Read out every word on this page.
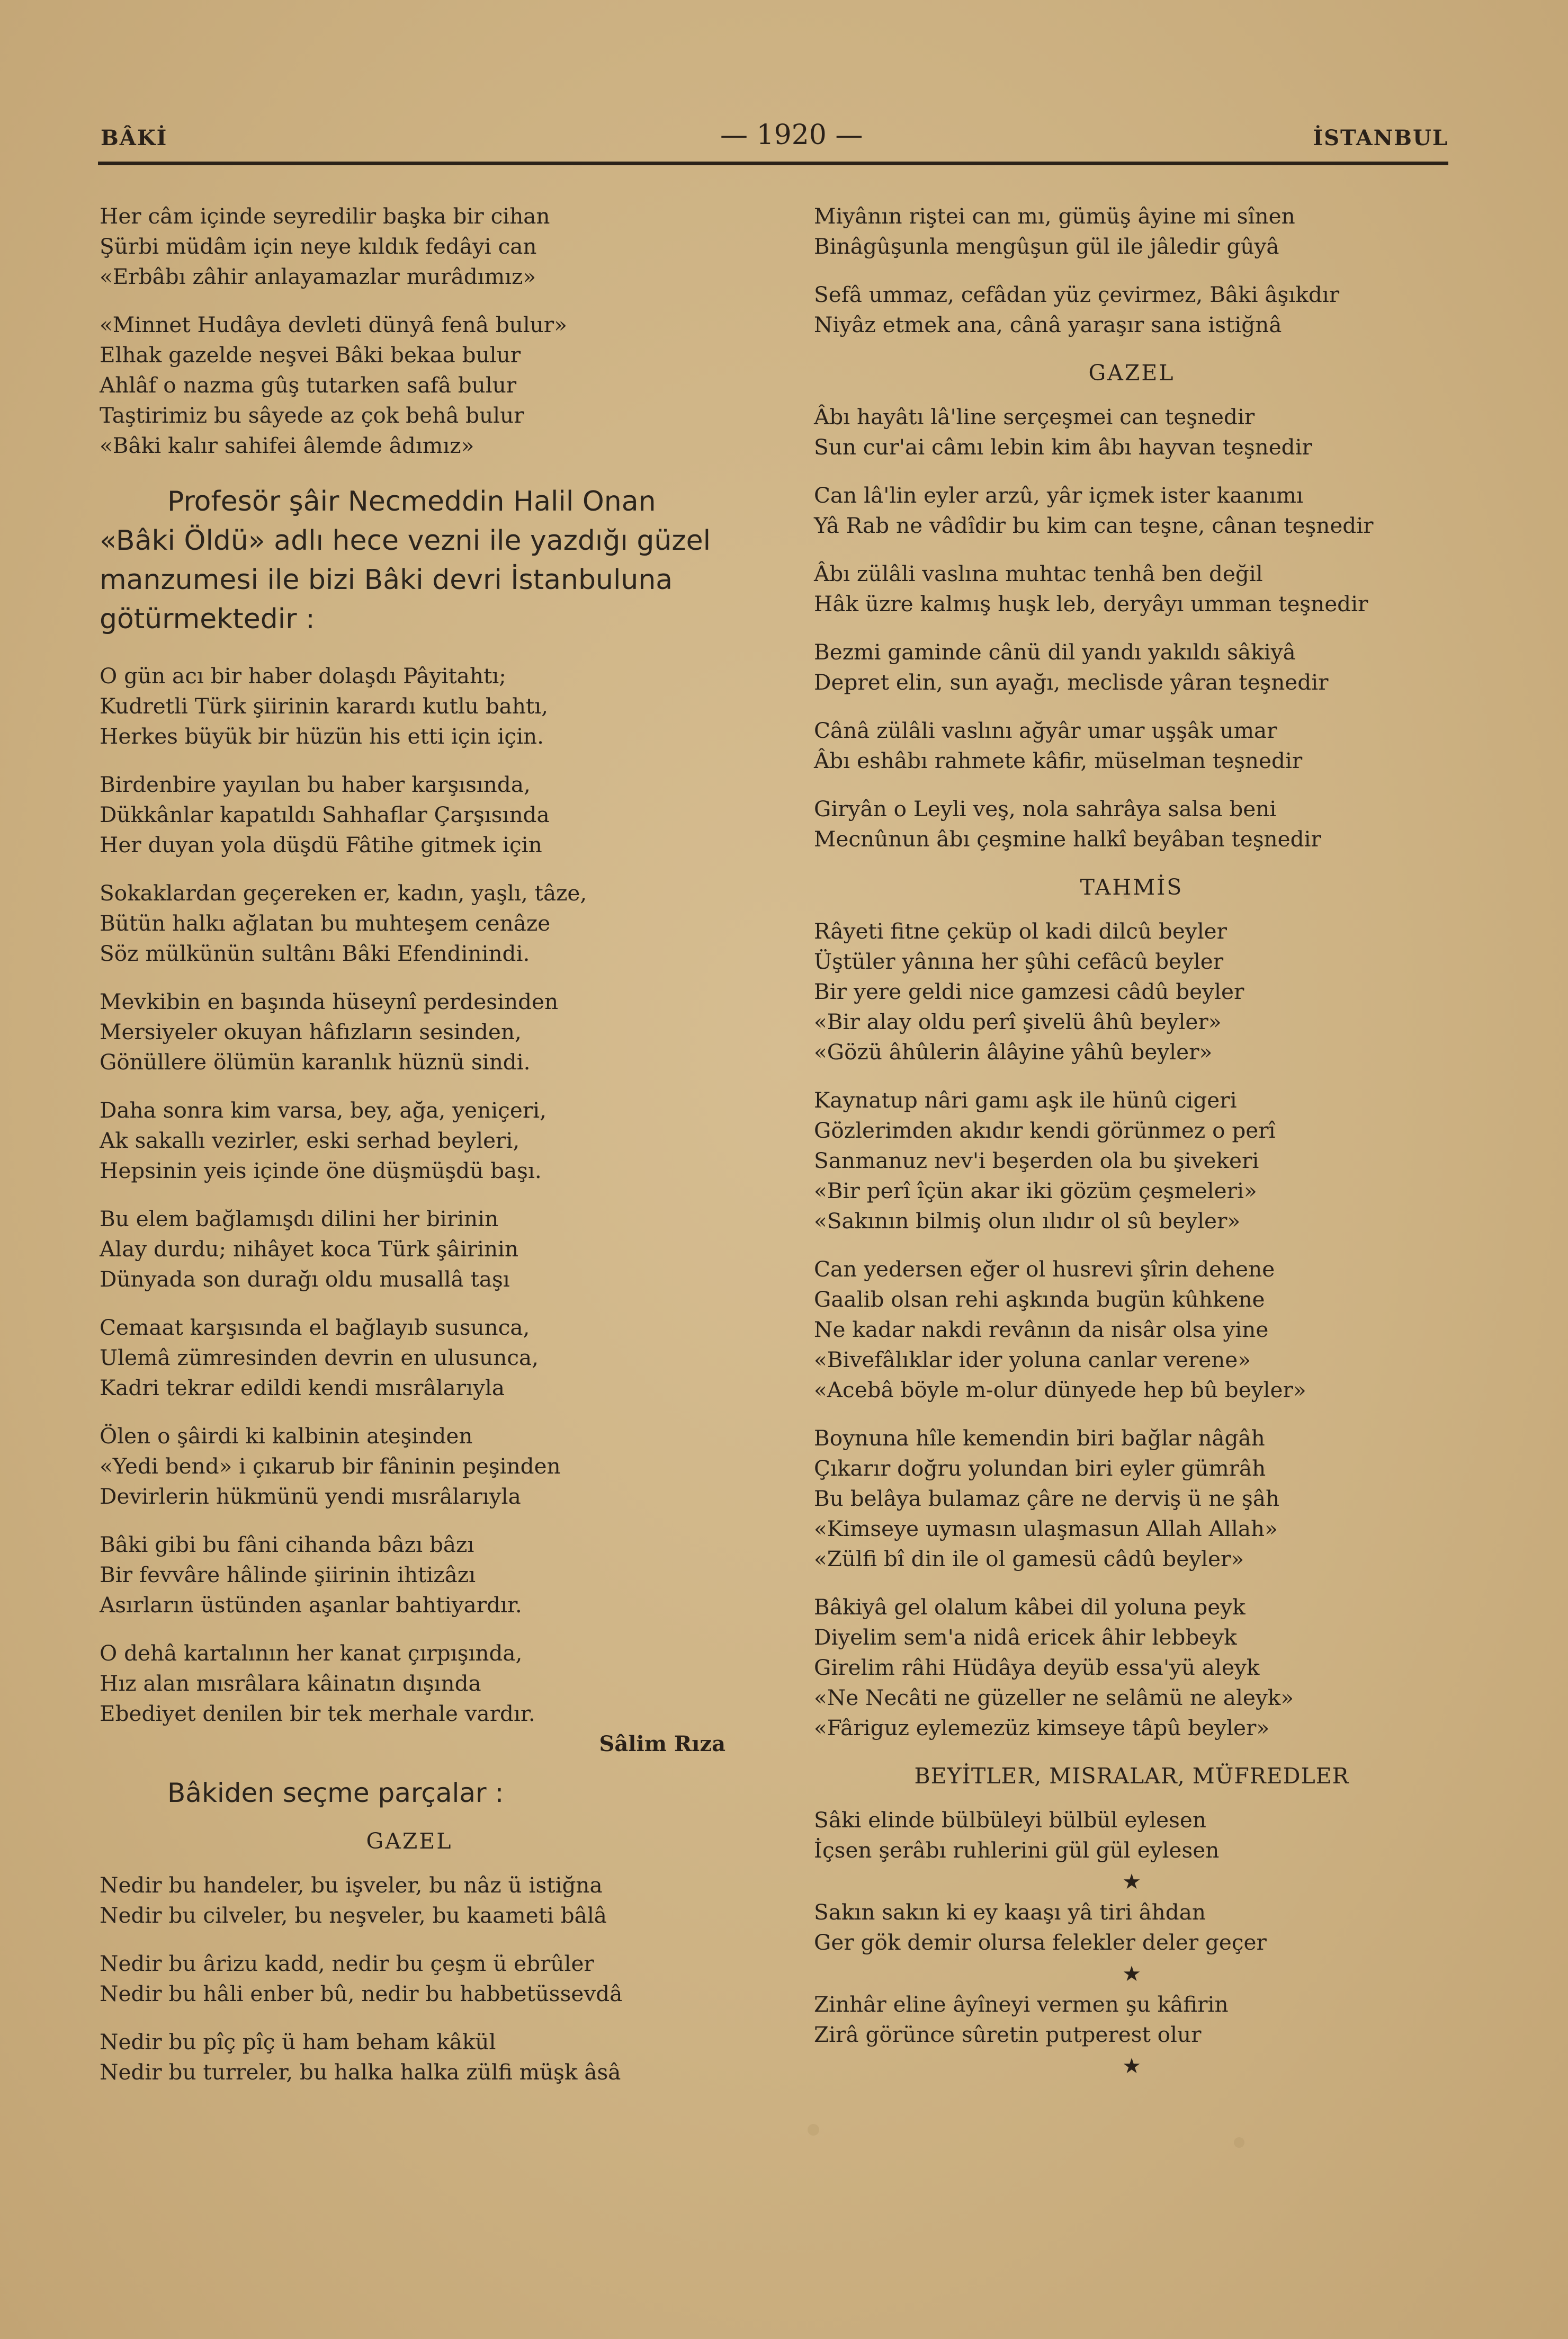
BÂKİ	— 1920 —	İSTANBUL
Her câm içinde seyredilir başka bir cihan
Şürbi müdâm için neye kıldık fedâyi can
«Erbâbı zâhir anlayamazlar murâdımız»
«Minnet Hudâya devleti dünyâ fenâ bulur»
Elhak gazelde neşvei Bâki bekaa bulur
Ahlâf o nazma gûş tutarken safâ bulur
Taştirimiz bu sâyede az çok behâ bulur
«Bâki kalır sahifei âlemde âdımız»
Profesör şâir Necmeddin Halil Onan
«Bâki Öldü» adlı hece vezni ile yazdığı güzel
manzumesi ile bizi Bâki devri İstanbuluna
götürmektedir :
O gün acı bir haber dolaşdı Pâyitahtı;
Kudretli Türk şiirinin karardı kutlu bahtı,
Herkes büyük bir hüzün his etti için için.
Birdenbire yayılan bu haber karşısında,
Dükkânlar kapatıldı Sahhaflar Çarşısında
Her duyan yola düşdü Fâtihe gitmek için
Sokaklardan geçereken er, kadın, yaşlı, tâze,
Bütün halkı ağlatan bu muhteşem cenâze
Söz mülkünün sultânı Bâki Efendinindi.
Mevkibin en başında hüseynî perdesinden
Mersiyeler okuyan hâfızların sesinden,
Gönüllere ölümün karanlık hüznü sindi.
Daha sonra kim varsa, bey, ağa, yeniçeri,
Ak sakallı vezirler, eski serhad beyleri,
Hepsinin yeis içinde öne düşmüşdü başı.
Bu elem bağlamışdı dilini her birinin
Alay durdu; nihâyet koca Türk şâirinin
Dünyada son durağı oldu musallâ taşı
Cemaat karşısında el bağlayıb susunca,
Ulemâ zümresinden devrin en ulusunca,
Kadri tekrar edildi kendi mısrâlarıyla
Ölen o şâirdi ki kalbinin ateşinden
«Yedi bend» i çıkarub bir fâninin peşinden
Devirlerin hükmünü yendi mısrâlarıyla
Bâki gibi bu fâni cihanda bâzı bâzı
Bir fevvâre hâlinde şiirinin ihtizâzı
Asırların üstünden aşanlar bahtiyardır.
O dehâ kartalının her kanat çırpışında,
Hız alan mısrâlara kâinatın dışında
Ebediyet denilen bir tek merhale vardır.
Sâlim Rıza
Bâkiden seçme parçalar :
GAZEL
Nedir bu handeler, bu işveler, bu nâz ü istiğna
Nedir bu cilveler, bu neşveler, bu kaameti bâlâ
Nedir bu ârizu kadd, nedir bu çeşm ü ebrûler
Nedir bu hâli enber bû, nedir bu habbetüssevdâ
Nedir bu pîç pîç ü ham beham kâkül
Nedir bu turreler, bu halka halka zülfi müşk âsâ
Miyânın riştei can mı, gümüş âyine mi sînen
Binâgûşunla mengûşun gül ile jâledir gûyâ
Sefâ ummaz, cefâdan yüz çevirmez, Bâki âşıkdır
Niyâz etmek ana, cânâ yaraşır sana istiğnâ
GAZEL
Âbı hayâtı lâ'line serçeşmei can teşnedir
Sun cur'ai câmı lebin kim âbı hayvan teşnedir
Can lâ'lin eyler arzû, yâr içmek ister kaanımı
Yâ Rab ne vâdîdir bu kim can teşne, cânan teşnedir
Âbı zülâli vaslına muhtac tenhâ ben değil
Hâk üzre kalmış huşk leb, deryâyı umman teşnedir
Bezmi gaminde cânü dil yandı yakıldı sâkiyâ
Depret elin, sun ayağı, meclisde yâran teşnedir
Cânâ zülâli vaslını ağyâr umar uşşâk umar
Âbı eshâbı rahmete kâfir, müselman teşnedir
Giryân o Leyli veş, nola sahrâya salsa beni
Mecnûnun âbı çeşmine halkî beyâban teşnedir
TAHMİS
Râyeti fitne çeküp ol kadi dilcû beyler
Üştüler yânına her şûhi cefâcû beyler
Bir yere geldi nice gamzesi câdû beyler
«Bir alay oldu perî şivelü âhû beyler»
«Gözü âhûlerin âlâyine yâhû beyler»
Kaynatup nâri gamı aşk ile hünû cigeri
Gözlerimden akıdır kendi görünmez o perî
Sanmanuz nev'i beşerden ola bu şivekeri
«Bir perî îçün akar iki gözüm çeşmeleri»
«Sakının bilmiş olun ılıdır ol sû beyler»
Can yedersen eğer ol husrevi şîrin dehene
Gaalib olsan rehi aşkında bugün kûhkene
Ne kadar nakdi revânın da nisâr olsa yine
«Bivefâlıklar ider yoluna canlar verene»
«Acebâ böyle m-olur dünyede hep bû beyler»
Boynuna hîle kemendin biri bağlar nâgâh
Çıkarır doğru yolundan biri eyler gümrâh
Bu belâya bulamaz çâre ne derviş ü ne şâh
«Kimseye uymasın ulaşmasun Allah Allah»
«Zülfi bî din ile ol gamesü câdû beyler»
Bâkiyâ gel olalum kâbei dil yoluna peyk
Diyelim sem'a nidâ ericek âhir lebbeyk
Girelim râhi Hüdâya deyüb essa'yü aleyk
«Ne Necâti ne güzeller ne selâmü ne aleyk»
«Fâriguz eylemezüz kimseye tâpû beyler»
BEYİTLER, MISRALAR, MÜFREDLER
Sâki elinde bülbüleyi bülbül eylesen
İçsen şerâbı ruhlerini gül gül eylesen
★
Sakın sakın ki ey kaaşı yâ tiri âhdan
Ger gök demir olursa felekler deler geçer
★
Zinhâr eline âyîneyi vermen şu kâfirin
Zirâ görünce sûretin putperest olur
★
